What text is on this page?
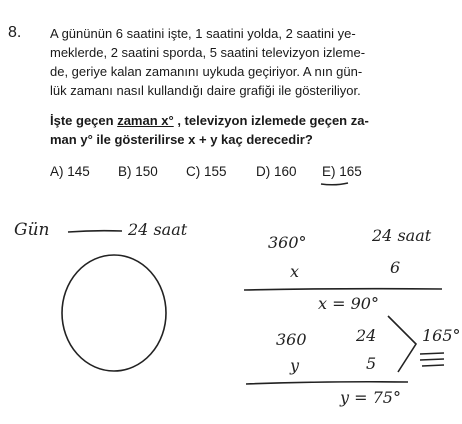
8. A gününün 6 saatini işte, 1 saatini yolda, 2 saatini ye-
meklerde, 2 saatini sporda, 5 saatini televizyon izleme-
de, geriye kalan zamanını uykuda geçiriyor. A nın gün-
lük zamanı nasıl kullandığı daire grafiği ile gösteriliyor.
İşte geçen zaman x° , televizyon izlemede geçen za-
man y° ile gösterilirse x + y kaç derecedir?
A) 145 B) 150 C) 155 D) 160 E) 165
Gün	24 saat
360°	24 saat
x	6
x = 90°
360	24
y	5
y = 75°
165°
